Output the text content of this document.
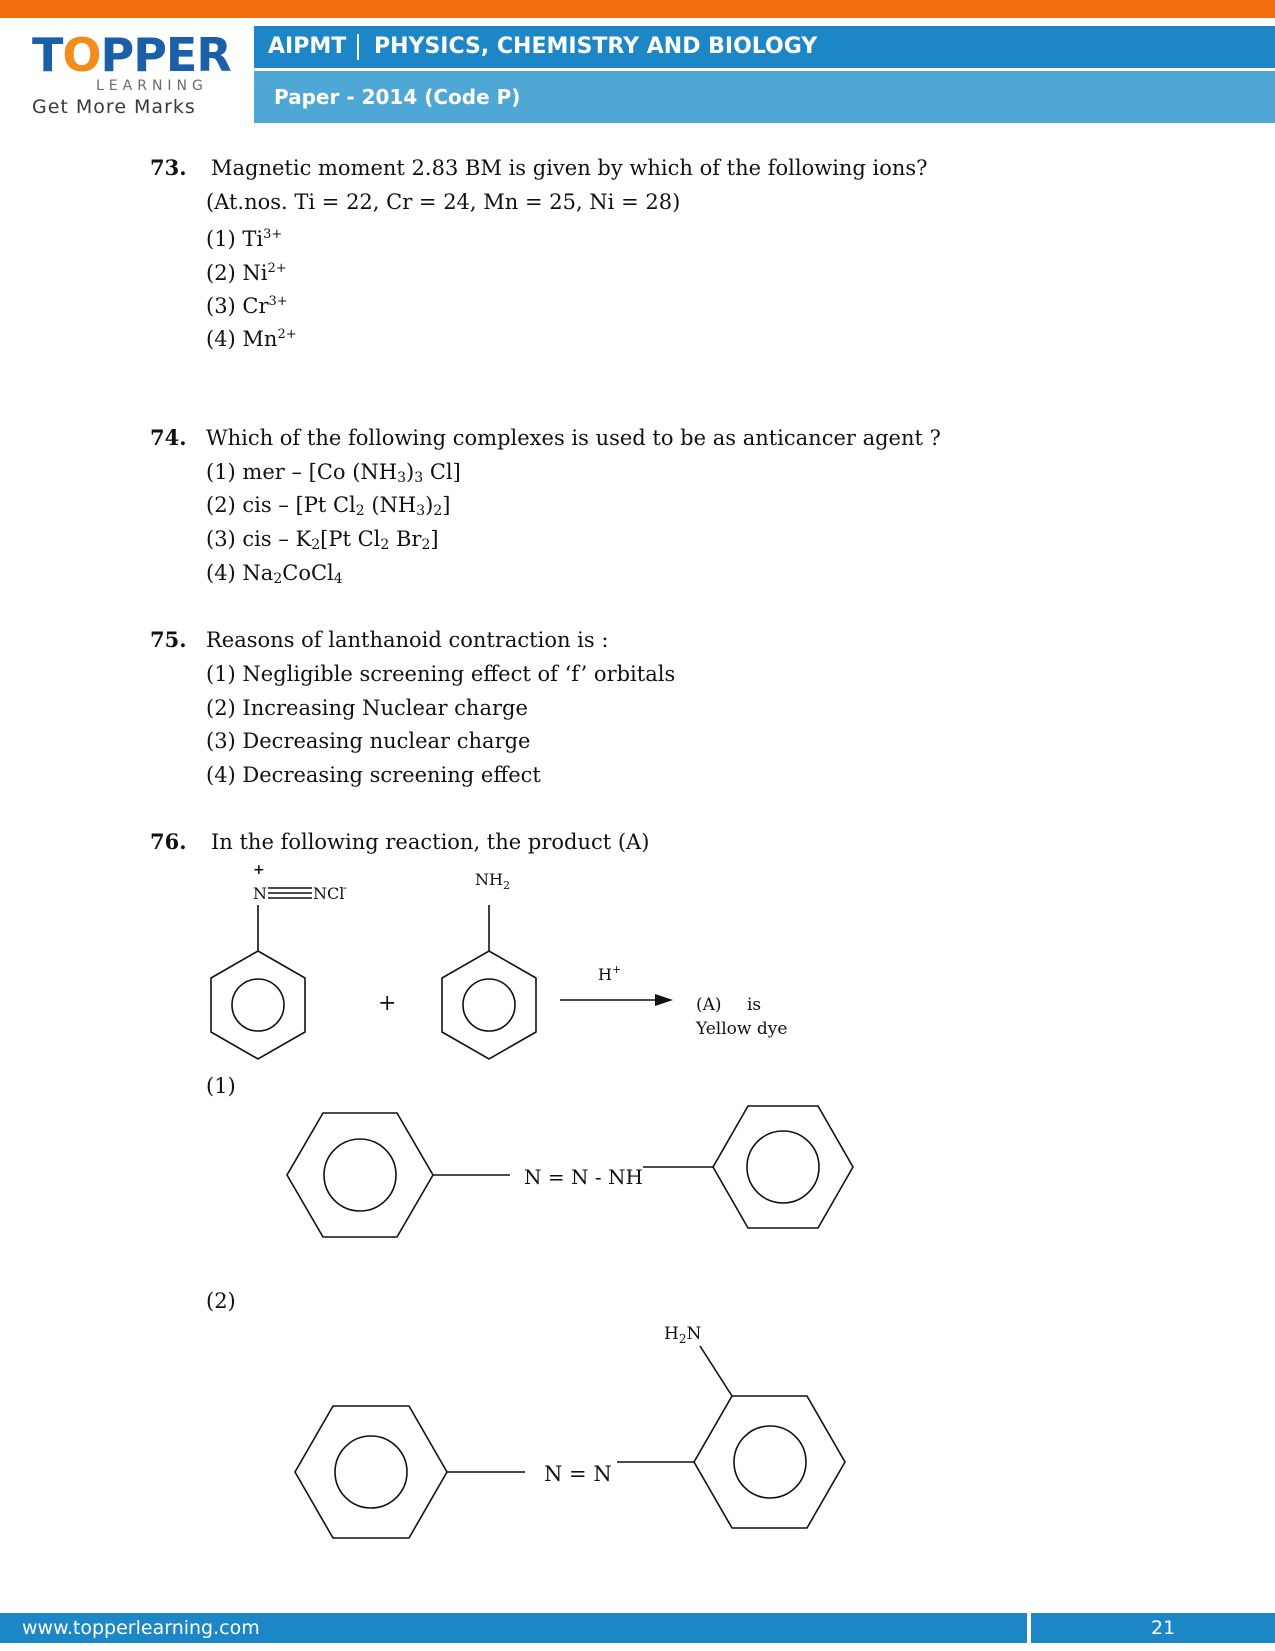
TOPPER
LEARNING
Get More Marks
AIPMT PHYSICS, CHEMISTRY AND BIOLOGY
Paper - 2014 (Code P)
73. Magnetic moment 2.83 BM is given by which of the following ions?
(At.nos. Ti = 22, Cr = 24, Mn = 25, Ni = 28)
(1) $Ti^{3+}$
(2) $Ni^{2+}$
(3) $Cr^{3+}$
(4) $Mn^{2+}$
74. Which of the following complexes is used to be as anticancer agent ?
(1) mer – [Co $(NH_3)_3$ Cl]
(2) cis – [Pt $Cl_2$ $(NH_3)_2$]
(3) cis – $K_2[Pt$ $Cl_2$ $Br_2$]
(4) $Na_2CoCl_4$
75. Reasons of lanthanoid contraction is :
(1) Negligible screening effect of ‘f’ orbitals
(2) Increasing Nuclear charge
(3) Decreasing nuclear charge
(4) Decreasing screening effect
76. In the following reaction, the product (A)
+
N	NCl
-
+
$NH_2$
H+
(A) is
Yellow dye
(1)
N = N - NH
(2)
N = N
$H_2N$
www.topperlearning.com	21
